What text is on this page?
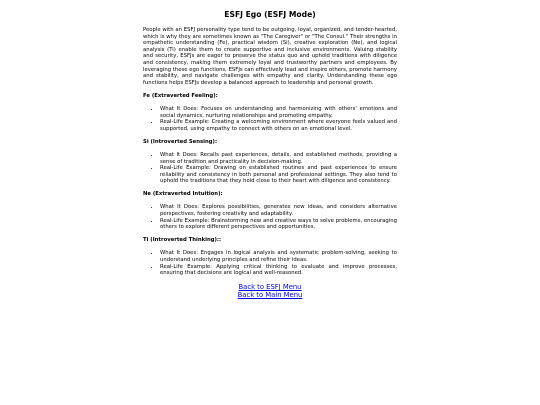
ESFJ Ego (ESFJ Mode)

People with an ESFJ personality type tend to be outgoing, loyal, organized, and tender-hearted, which is why they are sometimes known as "The Caregiver" or "The Consul." Their strengths in empathetic understanding (Fe), practical wisdom (Si), creative exploration (Ne), and logical analysis (Ti) enable them to create supportive and inclusive environments. Valuing stability and security, ESFJs are eager to preserve the status quo and uphold traditions with diligence and consistency, making them extremely loyal and trustworthy partners and employees. By leveraging these ego functions, ESFJs can effectively lead and inspire others, promote harmony and stability, and navigate challenges with empathy and clarity. Understanding these ego functions helps ESFJs develop a balanced approach to leadership and personal growth.

Fe (Extraverted Feeling):
• What It Does: Focuses on understanding and harmonizing with others' emotions and social dynamics, nurturing relationships and promoting empathy.
• Real-Life Example: Creating a welcoming environment where everyone feels valued and supported, using empathy to connect with others on an emotional level.
Si (Introverted Sensing):
• What It Does: Recalls past experiences, details, and established methods, providing a sense of tradition and practicality in decision-making.
• Real-Life Example: Drawing on established routines and past experiences to ensure reliability and consistency in both personal and professional settings. They also tend to uphold the traditions that they hold close to their heart with diligence and consistency.
Ne (Extraverted Intuition):
• What It Does: Explores possibilities, generates new ideas, and considers alternative perspectives, fostering creativity and adaptability.
• Real-Life Example: Brainstorming new and creative ways to solve problems, encouraging others to explore different perspectives and opportunities.
Ti (Introverted Thinking)::
• What It Does: Engages in logical analysis and systematic problem-solving, seeking to understand underlying principles and refine their ideas.
• Real-Life Example: Applying critical thinking to evaluate and improve processes, ensuring that decisions are logical and well-reasoned.
Back to ESFJ Menu
Back to Main Menu
